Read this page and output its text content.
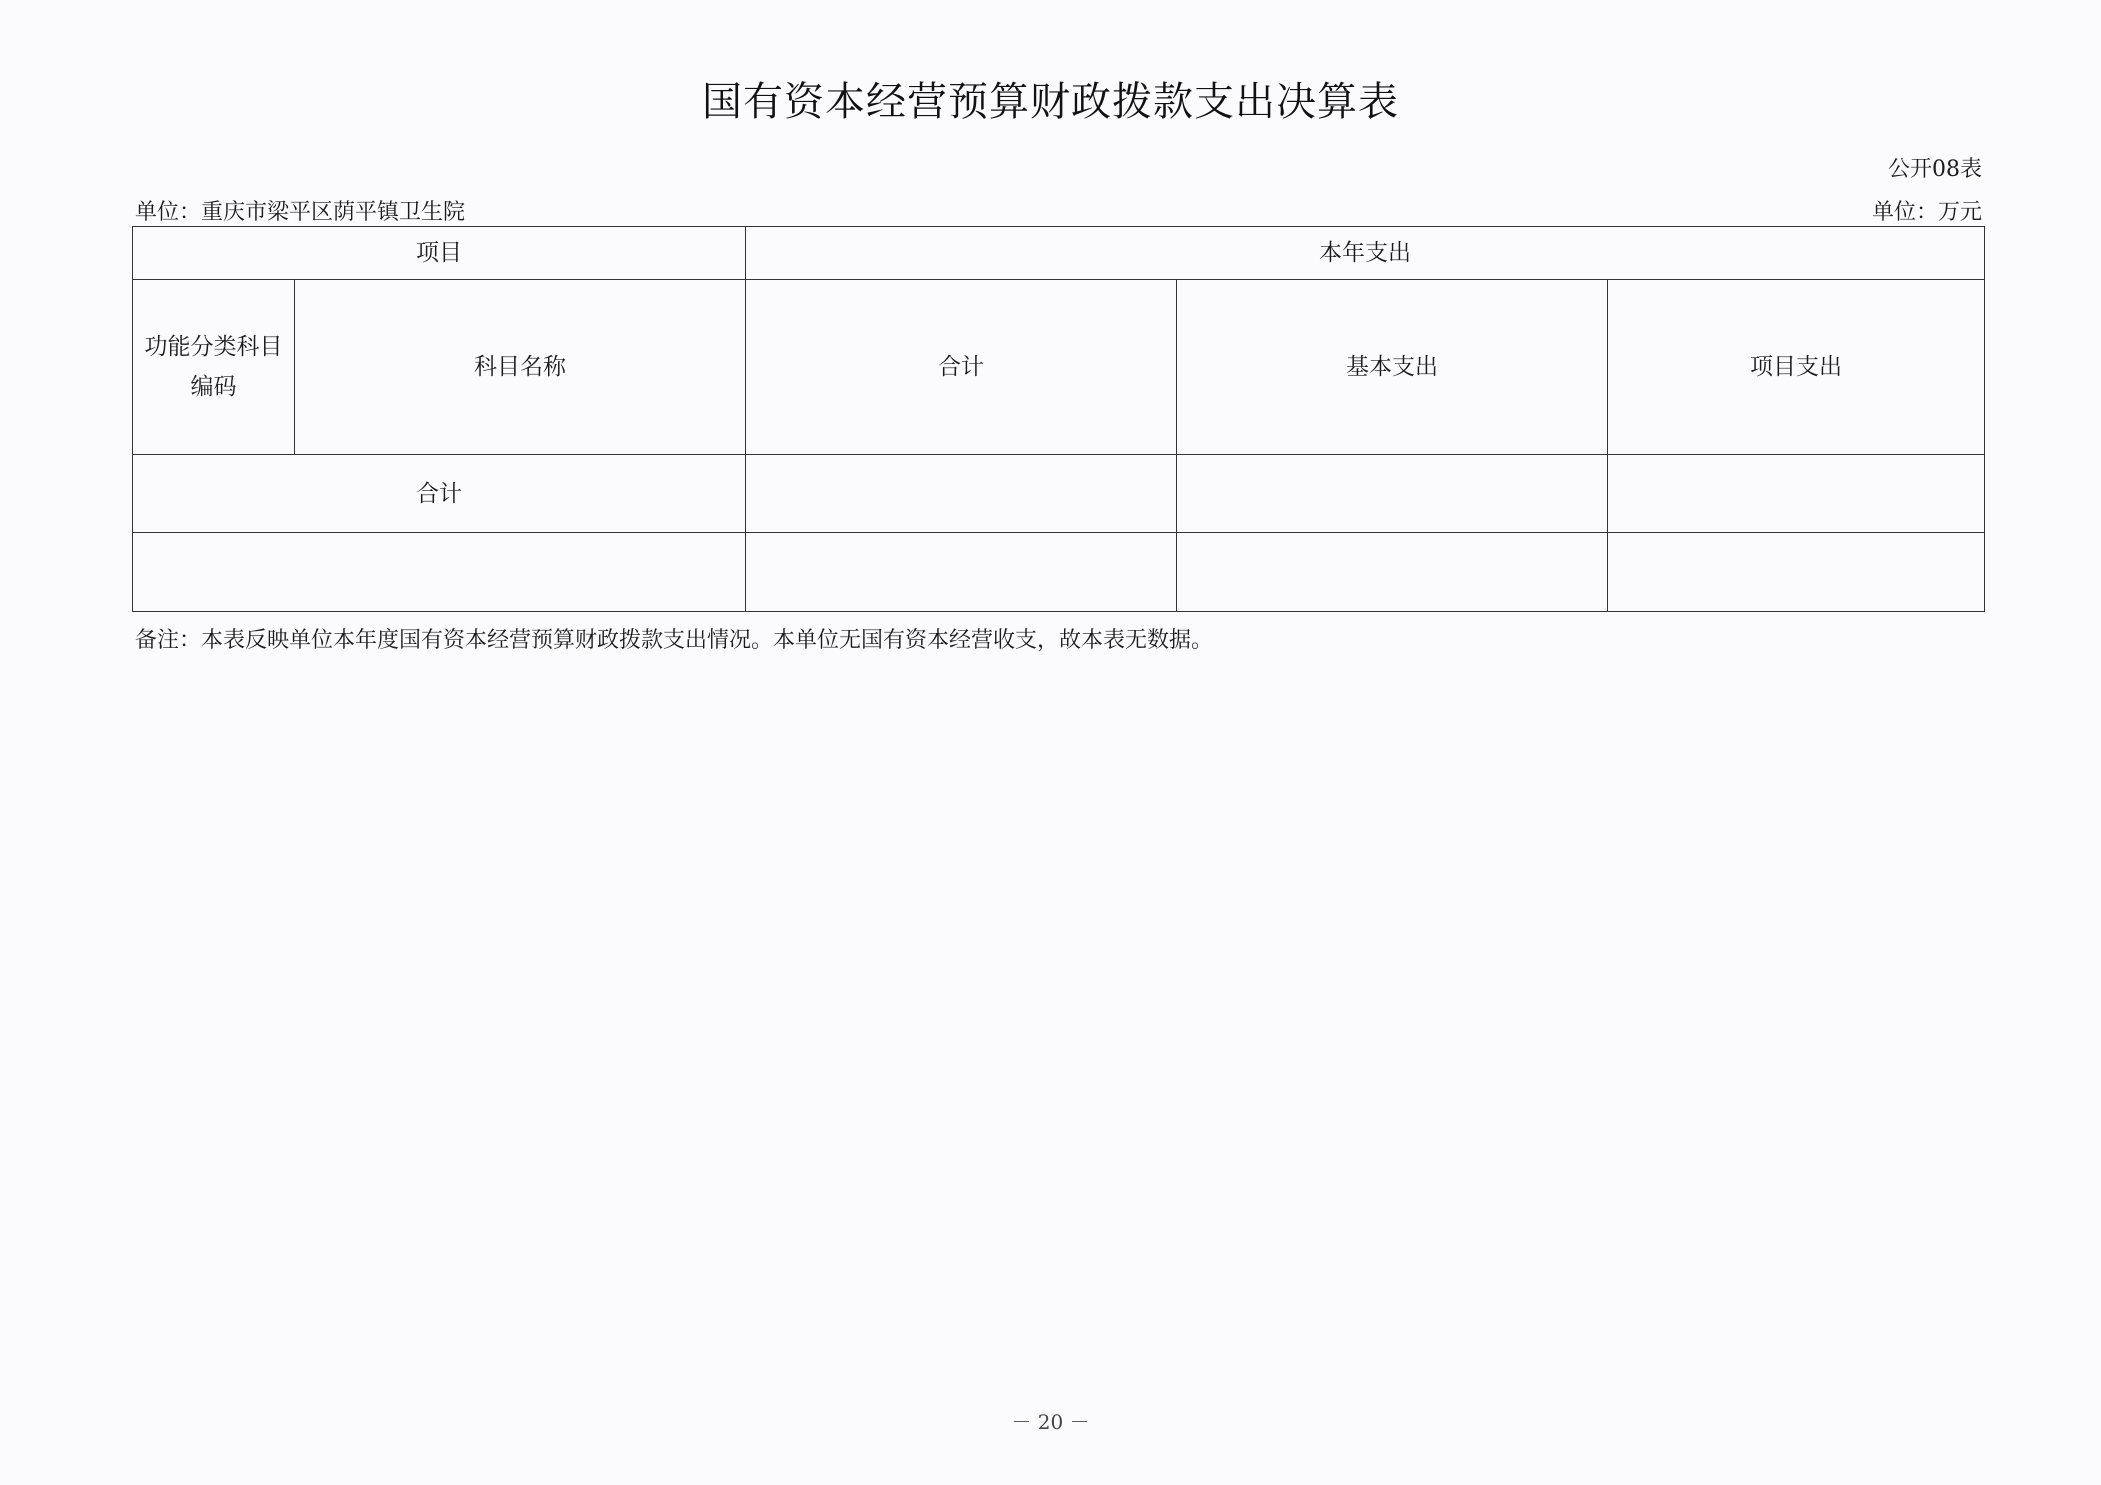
国有资本经营预算财政拨款支出决算表
公开08表
单位：重庆市梁平区荫平镇卫生院	单位：万元
项目		本年支出		
功能分类科目编码	科目名称	合计	基本支出	项目支出
合计				

备注：本表反映单位本年度国有资本经营预算财政拨款支出情况。本单位无国有资本经营收支，故本表无数据。
－ 20 －
